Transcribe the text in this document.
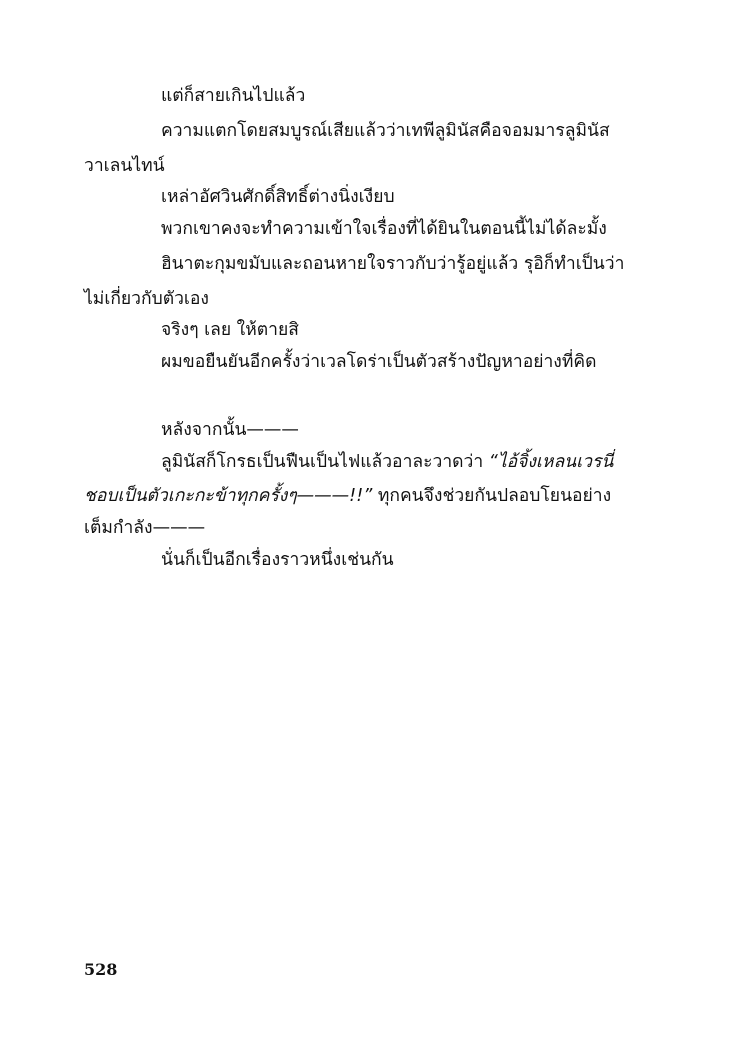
แต่ก็สายเกินไปแล้ว
ความแตกโดยสมบูรณ์เสียแล้วว่าเทพีลูมินัสคือจอมมารลูมินัส
วาเลนไทน์
เหล่าอัศวินศักดิ์สิทธิ์ต่างนิ่งเงียบ
พวกเขาคงจะทำความเข้าใจเรื่องที่ได้ยินในตอนนี้ไม่ได้ละมั้ง
ฮินาตะกุมขมับและถอนหายใจราวกับว่ารู้อยู่แล้ว รุอิก็ทำเป็นว่า
ไม่เกี่ยวกับตัวเอง
จริงๆ เลย ให้ตายสิ
ผมขอยืนยันอีกครั้งว่าเวลโดร่าเป็นตัวสร้างปัญหาอย่างที่คิด
หลังจากนั้น———
ลูมินัสก็โกรธเป็นฟืนเป็นไฟแล้วอาละวาดว่า “ไอ้จิ้งเหลนเวรนี่
ชอบเป็นตัวเกะกะข้าทุกครั้งๆ———!!” ทุกคนจึงช่วยกันปลอบโยนอย่าง
เต็มกำลัง———
นั่นก็เป็นอีกเรื่องราวหนึ่งเช่นกัน
528
